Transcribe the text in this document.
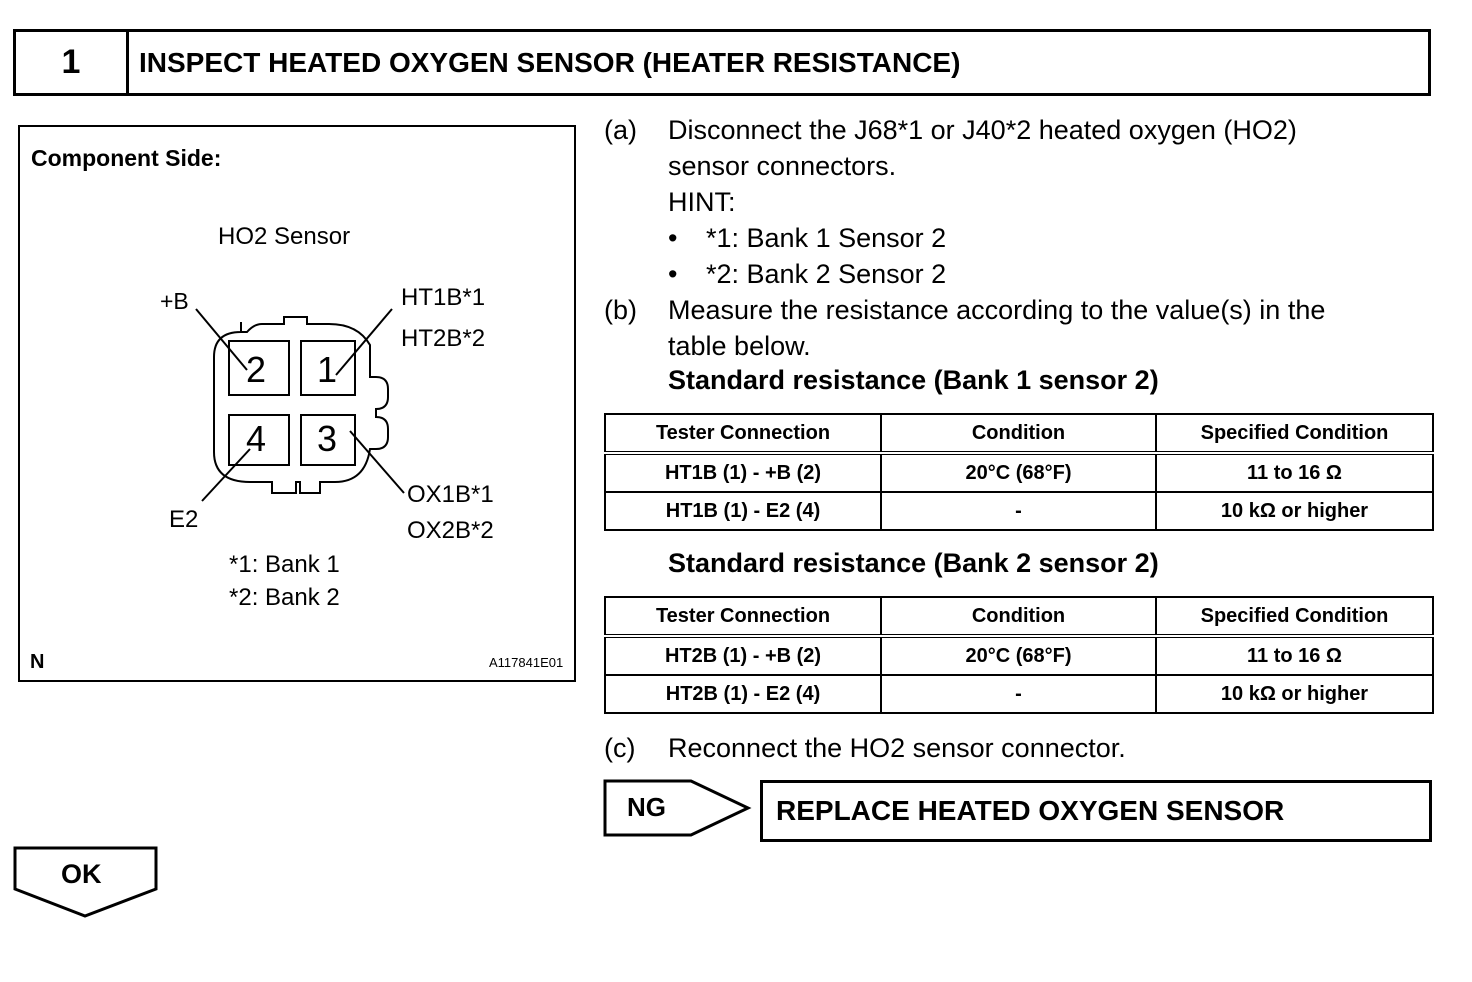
1	INSPECT HEATED OXYGEN SENSOR (HEATER RESISTANCE)
Component Side:
HO2 Sensor
+B	HT1B*1
HT2B*2
E2
OX1B*1
OX2B*2
*1: Bank 1
*2: Bank 2
N	A117841E01
2 1
4 3
(a) Disconnect the J68*1 or J40*2 heated oxygen (HO2)
sensor connectors.
HINT:
• *1: Bank 1 Sensor 2
• *2: Bank 2 Sensor 2
(b) Measure the resistance according to the value(s) in the
table below.
Standard resistance (Bank 1 sensor 2)
Tester Connection	Condition	Specified Condition
HT1B (1) - +B (2)	20°C (68°F)	11 to 16 Ω
HT1B (1) - E2 (4)	-	10 kΩ or higher
Standard resistance (Bank 2 sensor 2)
Tester Connection	Condition	Specified Condition
HT2B (1) - +B (2)	20°C (68°F)	11 to 16 Ω
HT2B (1) - E2 (4)	-	10 kΩ or higher
(c) Reconnect the HO2 sensor connector.
NG	REPLACE HEATED OXYGEN SENSOR
OK
